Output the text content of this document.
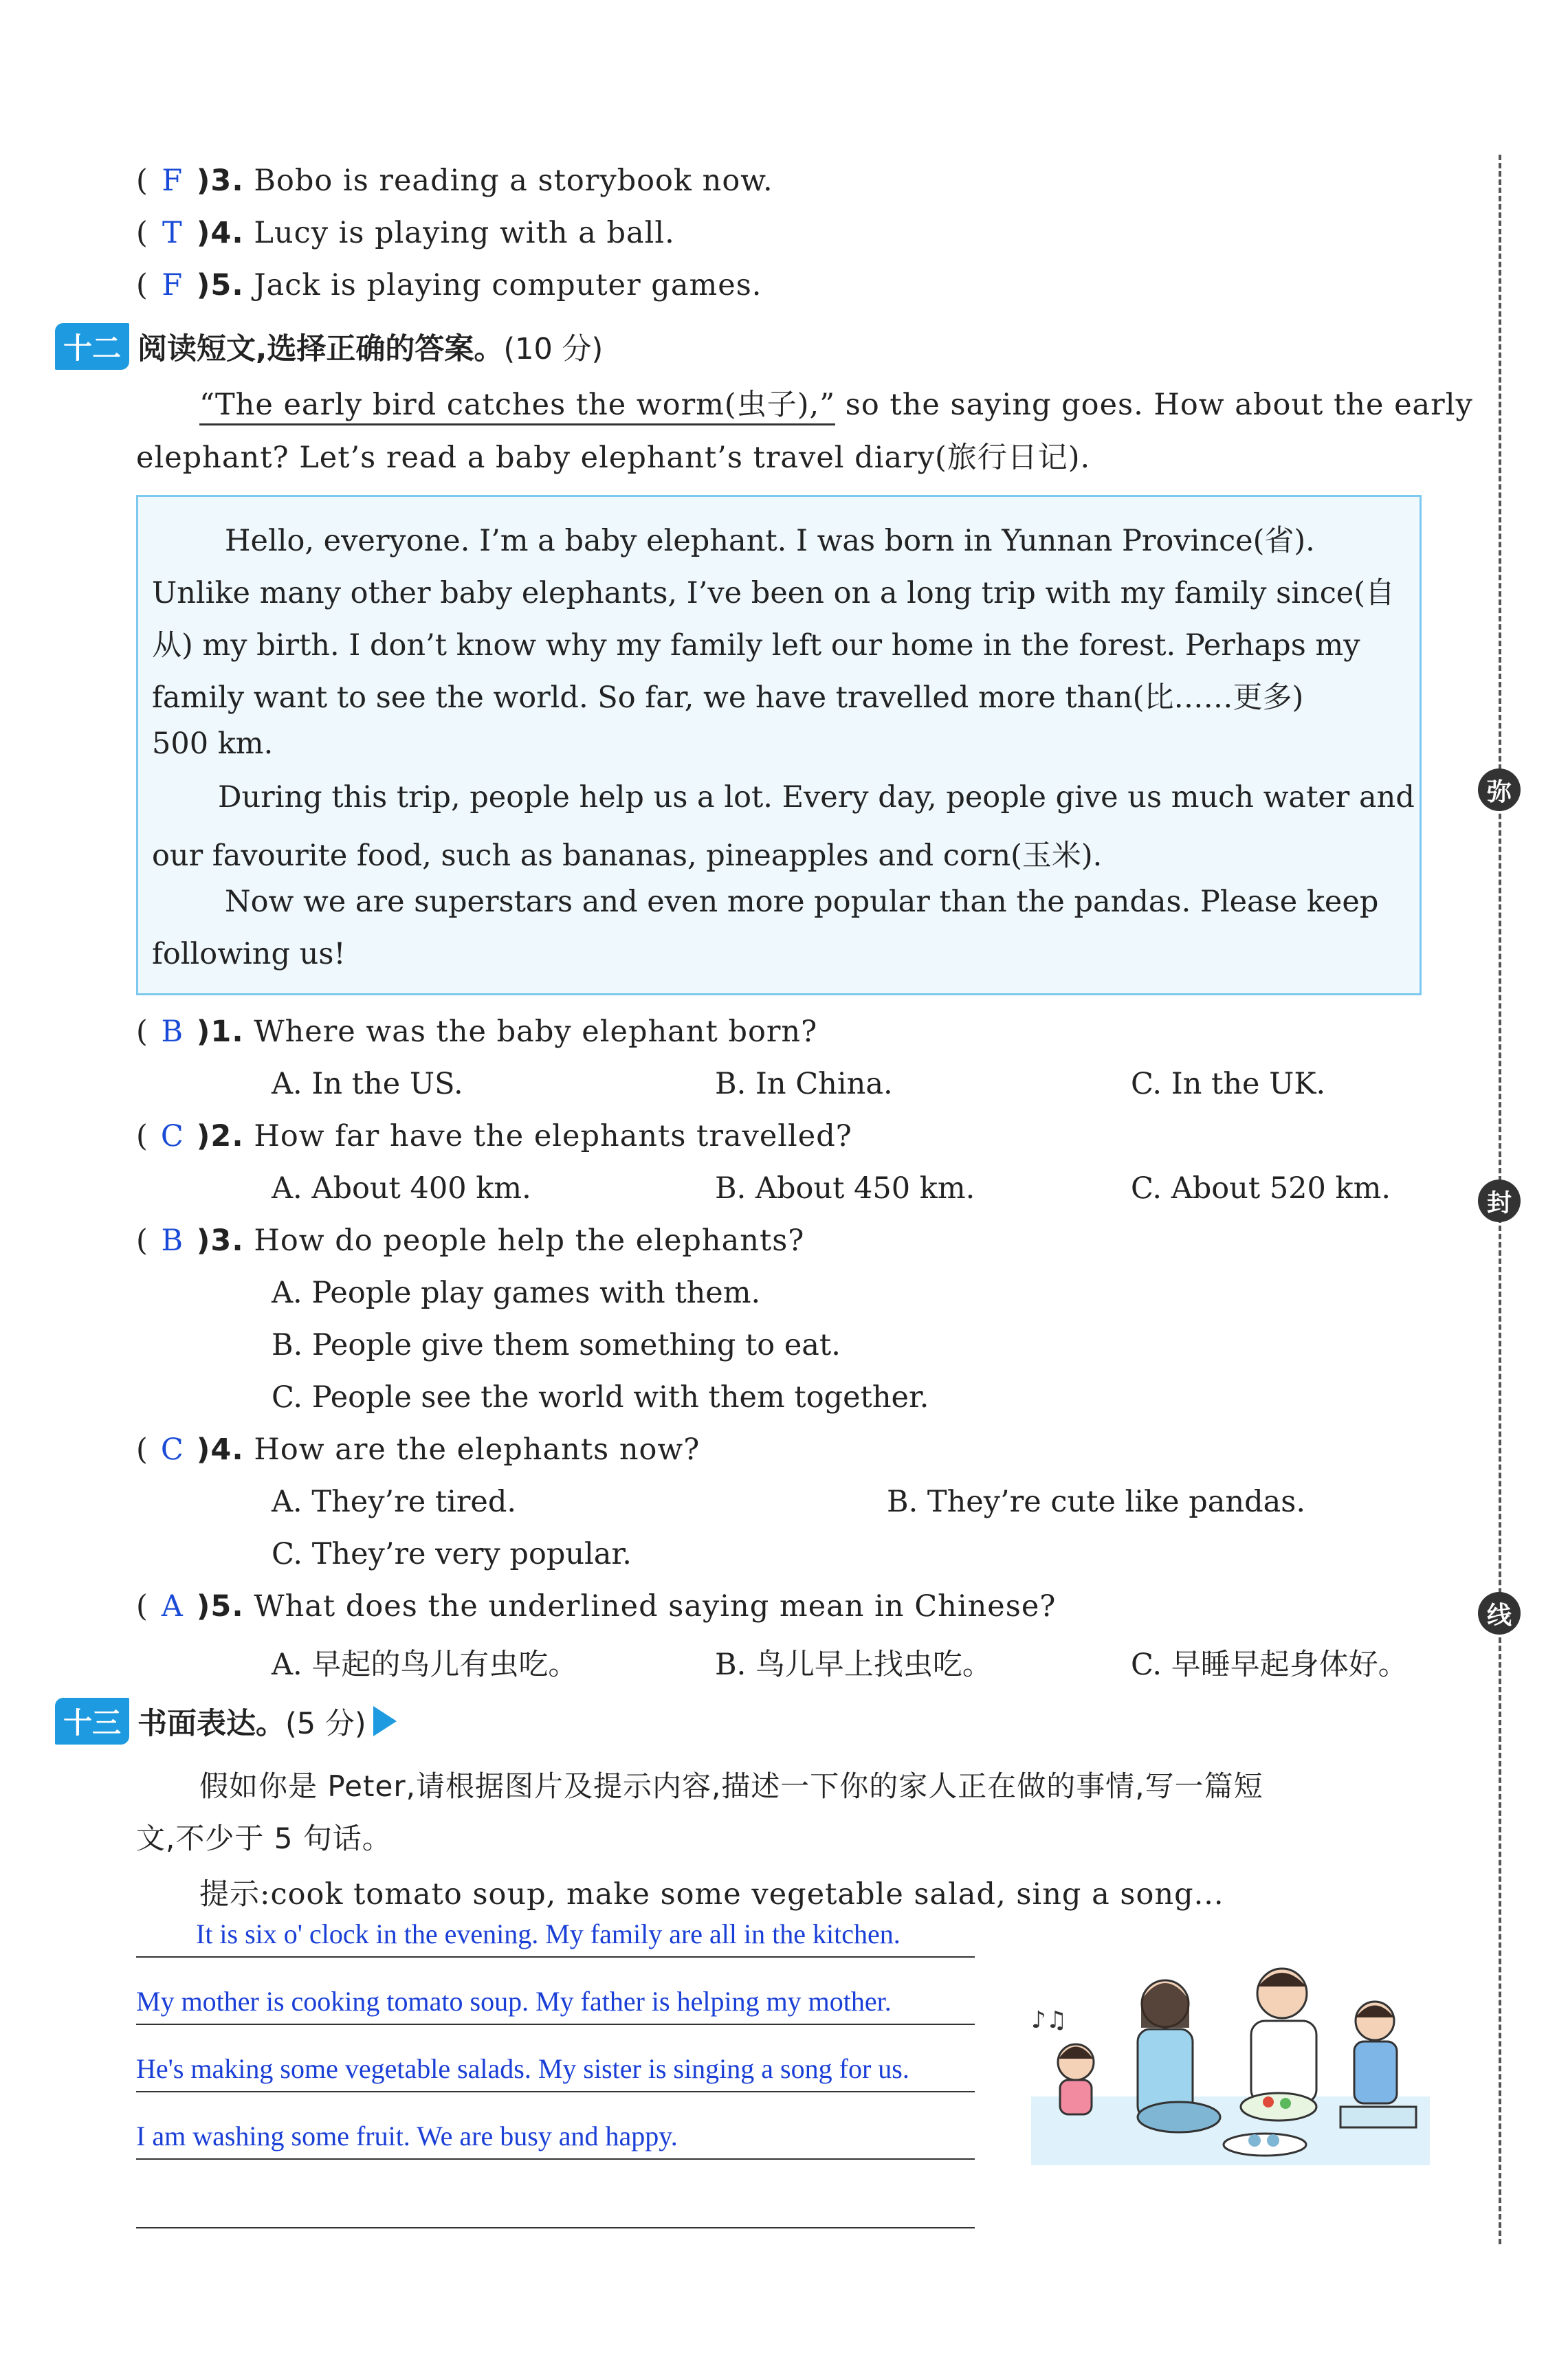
弥
封
线
( F )3. Bobo is reading a storybook now.
( T )4. Lucy is playing with a ball.
( F )5. Jack is playing computer games.
十二 阅读短文,选择正确的答案。 (10 分)
“The early bird catches the worm(虫子),” so the saying goes. How about the early
elephant? Let’s read a baby elephant’s travel diary(旅行日记).
Hello, everyone. I’m a baby elephant. I was born in Yunnan Province(省).
Unlike many other baby elephants, I’ve been on a long trip with my family since(自
从) my birth. I don’t know why my family left our home in the forest. Perhaps my
family want to see the world. So far, we have travelled more than(比……更多)
500 km.
During this trip, people help us a lot. Every day, people give us much water and
our favourite food, such as bananas, pineapples and corn(玉米).
Now we are superstars and even more popular than the pandas. Please keep
following us!
( B )1. Where was the baby elephant born?
A. In the US.	B. In China.	C. In the UK.
( C )2. How far have the elephants travelled?
A. About 400 km.	B. About 450 km.	C. About 520 km.
( B )3. How do people help the elephants?
A. People play games with them.
B. People give them something to eat.
C. People see the world with them together.
( C )4. How are the elephants now?
A. They’re tired.	B. They’re cute like pandas.
C. They’re very popular.
( A )5. What does the underlined saying mean in Chinese?
A. 早起的鸟儿有虫吃。	B. 鸟儿早上找虫吃。	C. 早睡早起身体好。
十三 书面表达。 (5 分)
假如你是 Peter,请根据图片及提示内容,描述一下你的家人正在做的事情,写一篇短
文,不少于 5 句话。
提示:cook tomato soup, make some vegetable salad, sing a song...
It is six o' clock in the evening. My family are all in the kitchen.
My mother is cooking tomato soup. My father is helping my mother.
He's making some vegetable salads. My sister is singing a song for us.
I am washing some fruit. We are busy and happy.
♪♫
